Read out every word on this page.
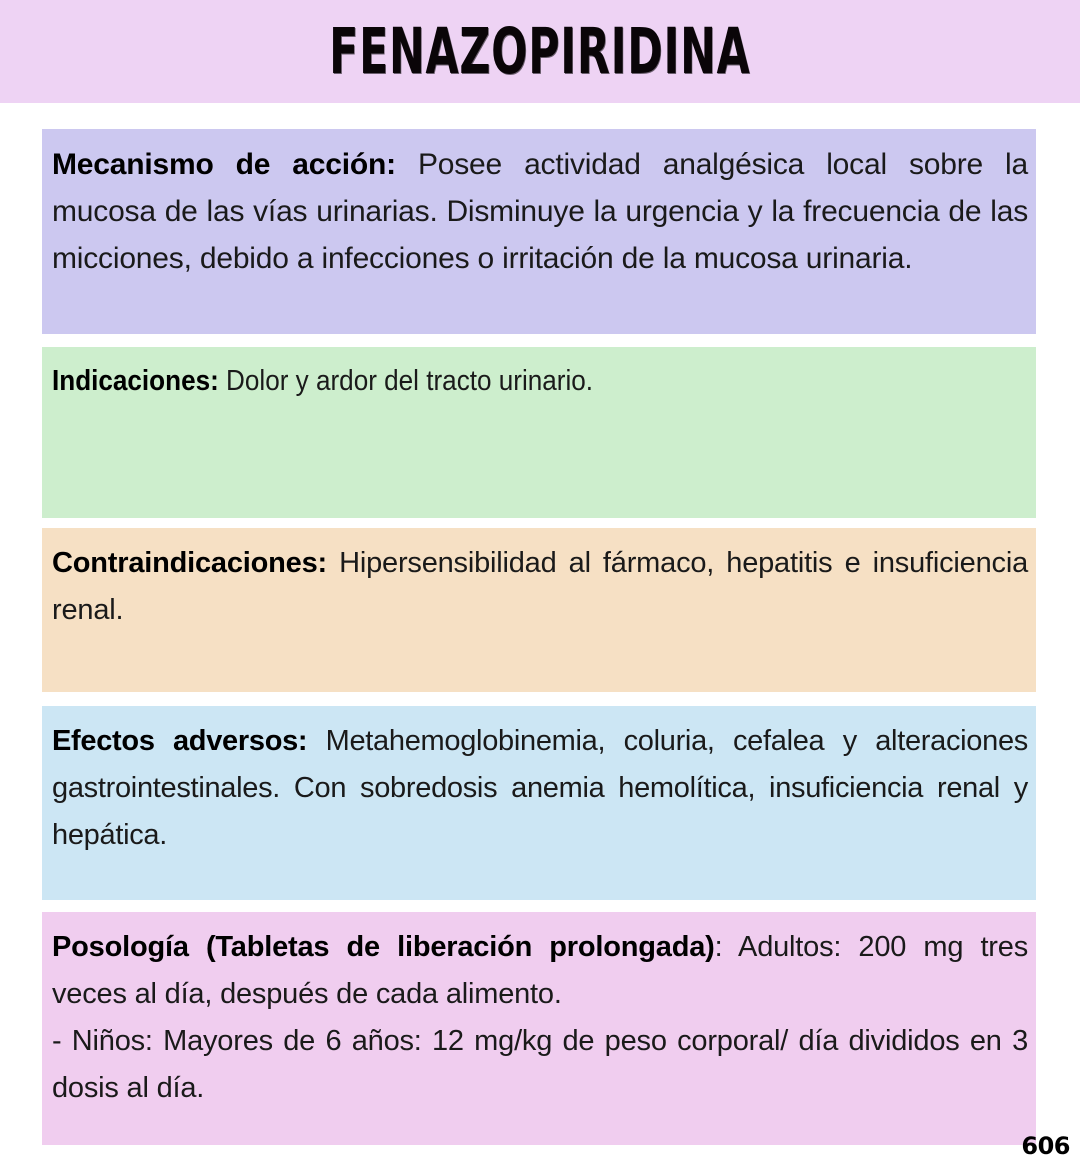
FENAZOPIRIDINA

Mecanismo de acción: Posee actividad analgésica local sobre la mucosa de las vías urinarias. Disminuye la urgencia y la frecuencia de las micciones, debido a infecciones o irritación de la mucosa urinaria.

Indicaciones: Dolor y ardor del tracto urinario.

Contraindicaciones: Hipersensibilidad al fármaco, hepatitis e insuficiencia renal.

Efectos adversos: Metahemoglobinemia, coluria, cefalea y alteraciones gastrointestinales. Con sobredosis anemia hemolítica, insuficiencia renal y hepática.

Posología (Tabletas de liberación prolongada): Adultos: 200 mg tres veces al día, después de cada alimento.

- Niños: Mayores de 6 años: 12 mg/kg de peso corporal/ día divididos en 3 dosis al día.

606
